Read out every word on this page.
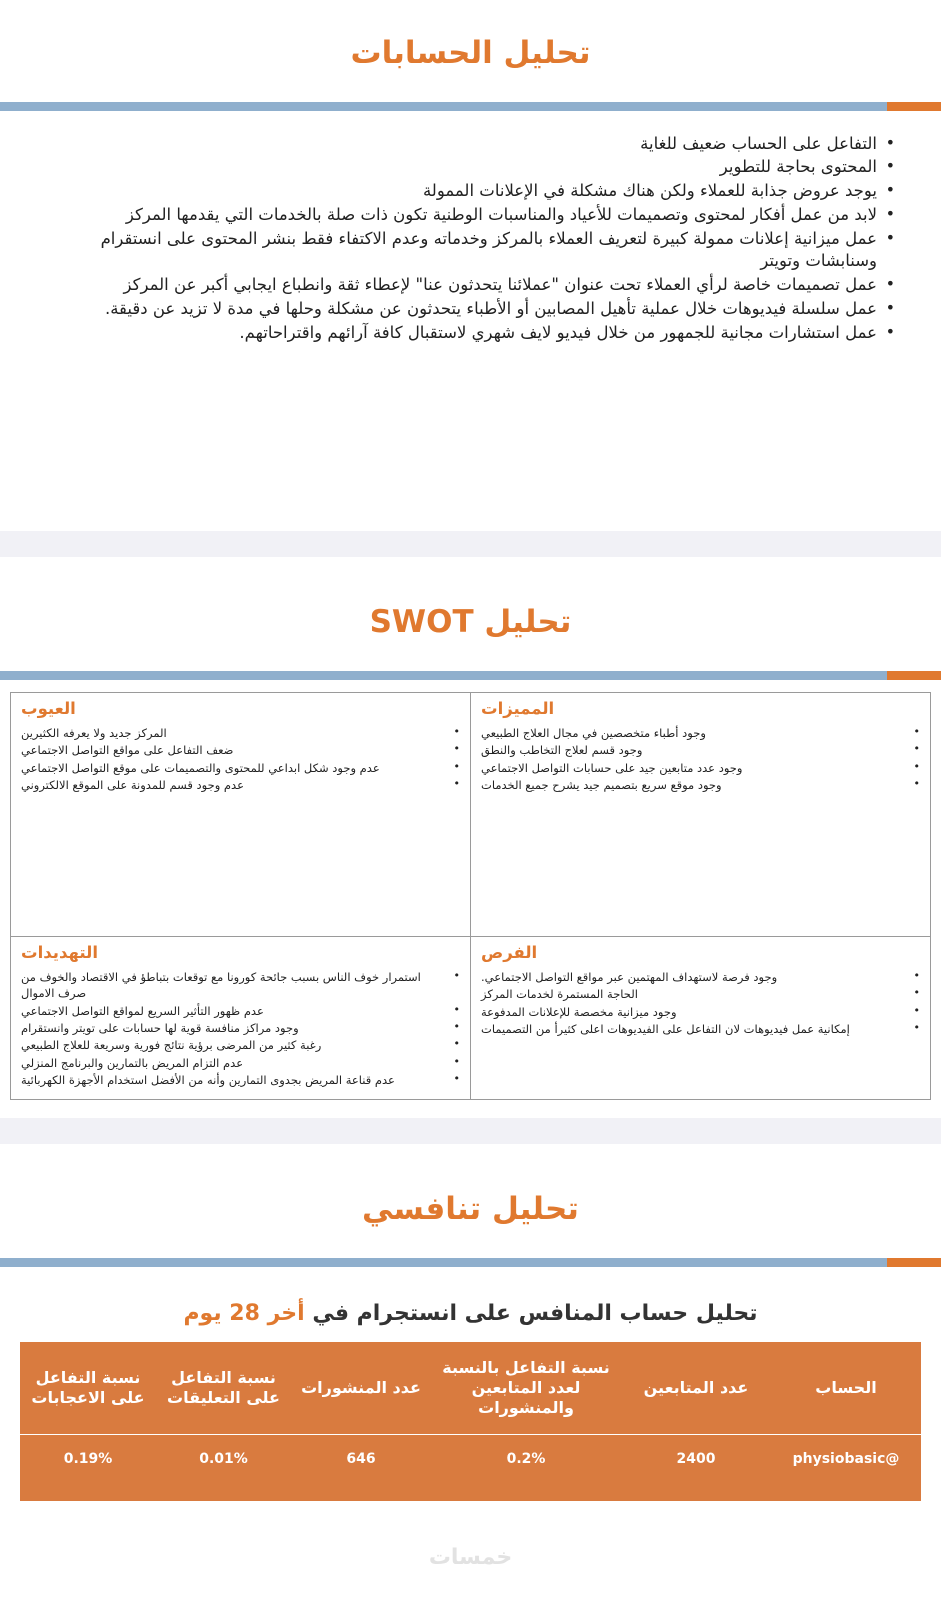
تحليل الحسابات
• التفاعل على الحساب ضعيف للغاية
• المحتوى بحاجة للتطوير
• يوجد عروض جذابة للعملاء ولكن هناك مشكلة في الإعلانات الممولة
• لابد من عمل أفكار لمحتوى وتصميمات للأعياد والمناسبات الوطنية تكون ذات صلة بالخدمات التي يقدمها المركز
• عمل ميزانية إعلانات ممولة كبيرة لتعريف العملاء بالمركز وخدماته وعدم الاكتفاء فقط بنشر المحتوى على انستقرام وسنابشات وتويتر
• عمل تصميمات خاصة لرأي العملاء تحت عنوان "عملائنا يتحدثون عنا" لإعطاء ثقة وانطباع ايجابي أكبر عن المركز
• عمل سلسلة فيديوهات خلال عملية تأهيل المصابين أو الأطباء يتحدثون عن مشكلة وحلها في مدة لا تزيد عن دقيقة.
• عمل استشارات مجانية للجمهور من خلال فيديو لايف شهري لاستقبال كافة آرائهم واقتراحاتهم.
تحليل SWOT
المميزات
• وجود أطباء متخصصين في مجال العلاج الطبيعي
• وجود قسم لعلاج التخاطب والنطق
• وجود عدد متابعين جيد على حسابات التواصل الاجتماعي
• وجود موقع سريع بتصميم جيد يشرح جميع الخدمات

العيوب
• المركز جديد ولا يعرفه الكثيرين
• ضعف التفاعل على مواقع التواصل الاجتماعي
• عدم وجود شكل ابداعي للمحتوى والتصميمات على موقع التواصل الاجتماعي
• عدم وجود قسم للمدونة على الموقع الالكتروني

الفرص
• وجود فرصة لاستهداف المهتمين عبر مواقع التواصل الاجتماعي.
• الحاجة المستمرة لخدمات المركز
• وجود ميزانية مخصصة للإعلانات المدفوعة
• إمكانية عمل فيديوهات لان التفاعل على الفيديوهات اعلى كثيرأ من التصميمات

التهديدات
• استمرار خوف الناس بسبب جائحة كورونا مع توقعات بتباطؤ في الاقتصاد والخوف من صرف الاموال
• عدم ظهور التأثير السريع لمواقع التواصل الاجتماعي
• وجود مراكز منافسة قوية لها حسابات على تويتر وانستقرام
• رغبة كثير من المرضى برؤية نتائج فورية وسريعة للعلاج الطبيعي
• عدم التزام المريض بالتمارين والبرنامج المنزلي
• عدم قناعة المريض بجدوى التمارين وأنه من الأفضل استخدام الأجهزة الكهربائية
تحليل تنافسي
تحليل حساب المنافس على انستجرام في أخر 28 يوم
الحساب	عدد المتابعين	نسبة التفاعل بالنسبة لعدد المتابعين والمنشورات	عدد المنشورات	نسبة التفاعل على التعليقات	نسبة التفاعل على الاعجابات
@physiobasic	2400	0.2%	646	0.01%	0.19%
خمسات
